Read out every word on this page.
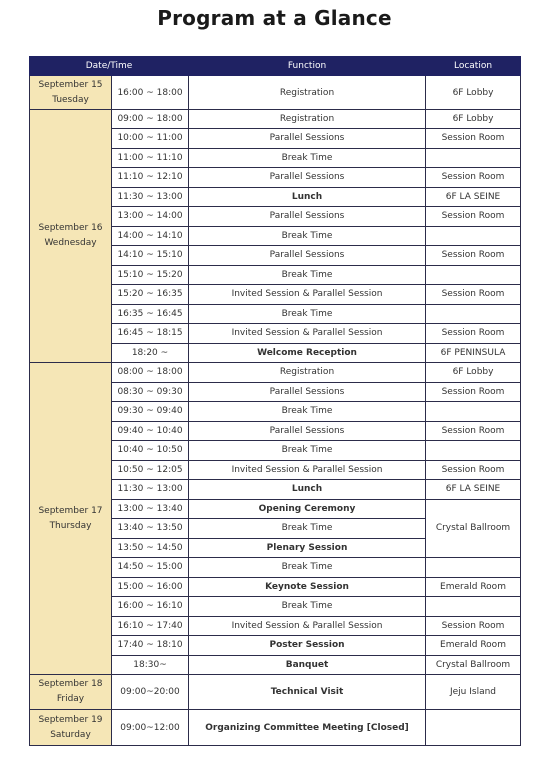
Program at a Glance
Date/Time		Function	Location
September 15
Tuesday	16:00 ~ 18:00	Registration	6F Lobby
September 16
Wednesday	09:00 ~ 18:00	Registration	6F Lobby
	10:00 ~ 11:00	Parallel Sessions	Session Room
	11:00 ~ 11:10	Break Time	
	11:10 ~ 12:10	Parallel Sessions	Session Room
	11:30 ~ 13:00	Lunch	6F LA SEINE
	13:00 ~ 14:00	Parallel Sessions	Session Room
	14:00 ~ 14:10	Break Time	
	14:10 ~ 15:10	Parallel Sessions	Session Room
	15:10 ~ 15:20	Break Time	
	15:20 ~ 16:35	Invited Session & Parallel Session	Session Room
	16:35 ~ 16:45	Break Time	
	16:45 ~ 18:15	Invited Session & Parallel Session	Session Room
	18:20 ~	Welcome Reception	6F PENINSULA
September 17
Thursday	08:00 ~ 18:00	Registration	6F Lobby
	08:30 ~ 09:30	Parallel Sessions	Session Room
	09:30 ~ 09:40	Break Time	
	09:40 ~ 10:40	Parallel Sessions	Session Room
	10:40 ~ 10:50	Break Time	
	10:50 ~ 12:05	Invited Session & Parallel Session	Session Room
	11:30 ~ 13:00	Lunch	6F LA SEINE
	13:00 ~ 13:40	Opening Ceremony	Crystal Ballroom
	13:40 ~ 13:50	Break Time	
	13:50 ~ 14:50	Plenary Session	
	14:50 ~ 15:00	Break Time	
	15:00 ~ 16:00	Keynote Session	Emerald Room
	16:00 ~ 16:10	Break Time	
	16:10 ~ 17:40	Invited Session & Parallel Session	Session Room
	17:40 ~ 18:10	Poster Session	Emerald Room
	18:30~	Banquet	Crystal Ballroom
September 18
Friday	09:00~20:00	Technical Visit	Jeju Island
September 19
Saturday	09:00~12:00	Organizing Committee Meeting [Closed]	
